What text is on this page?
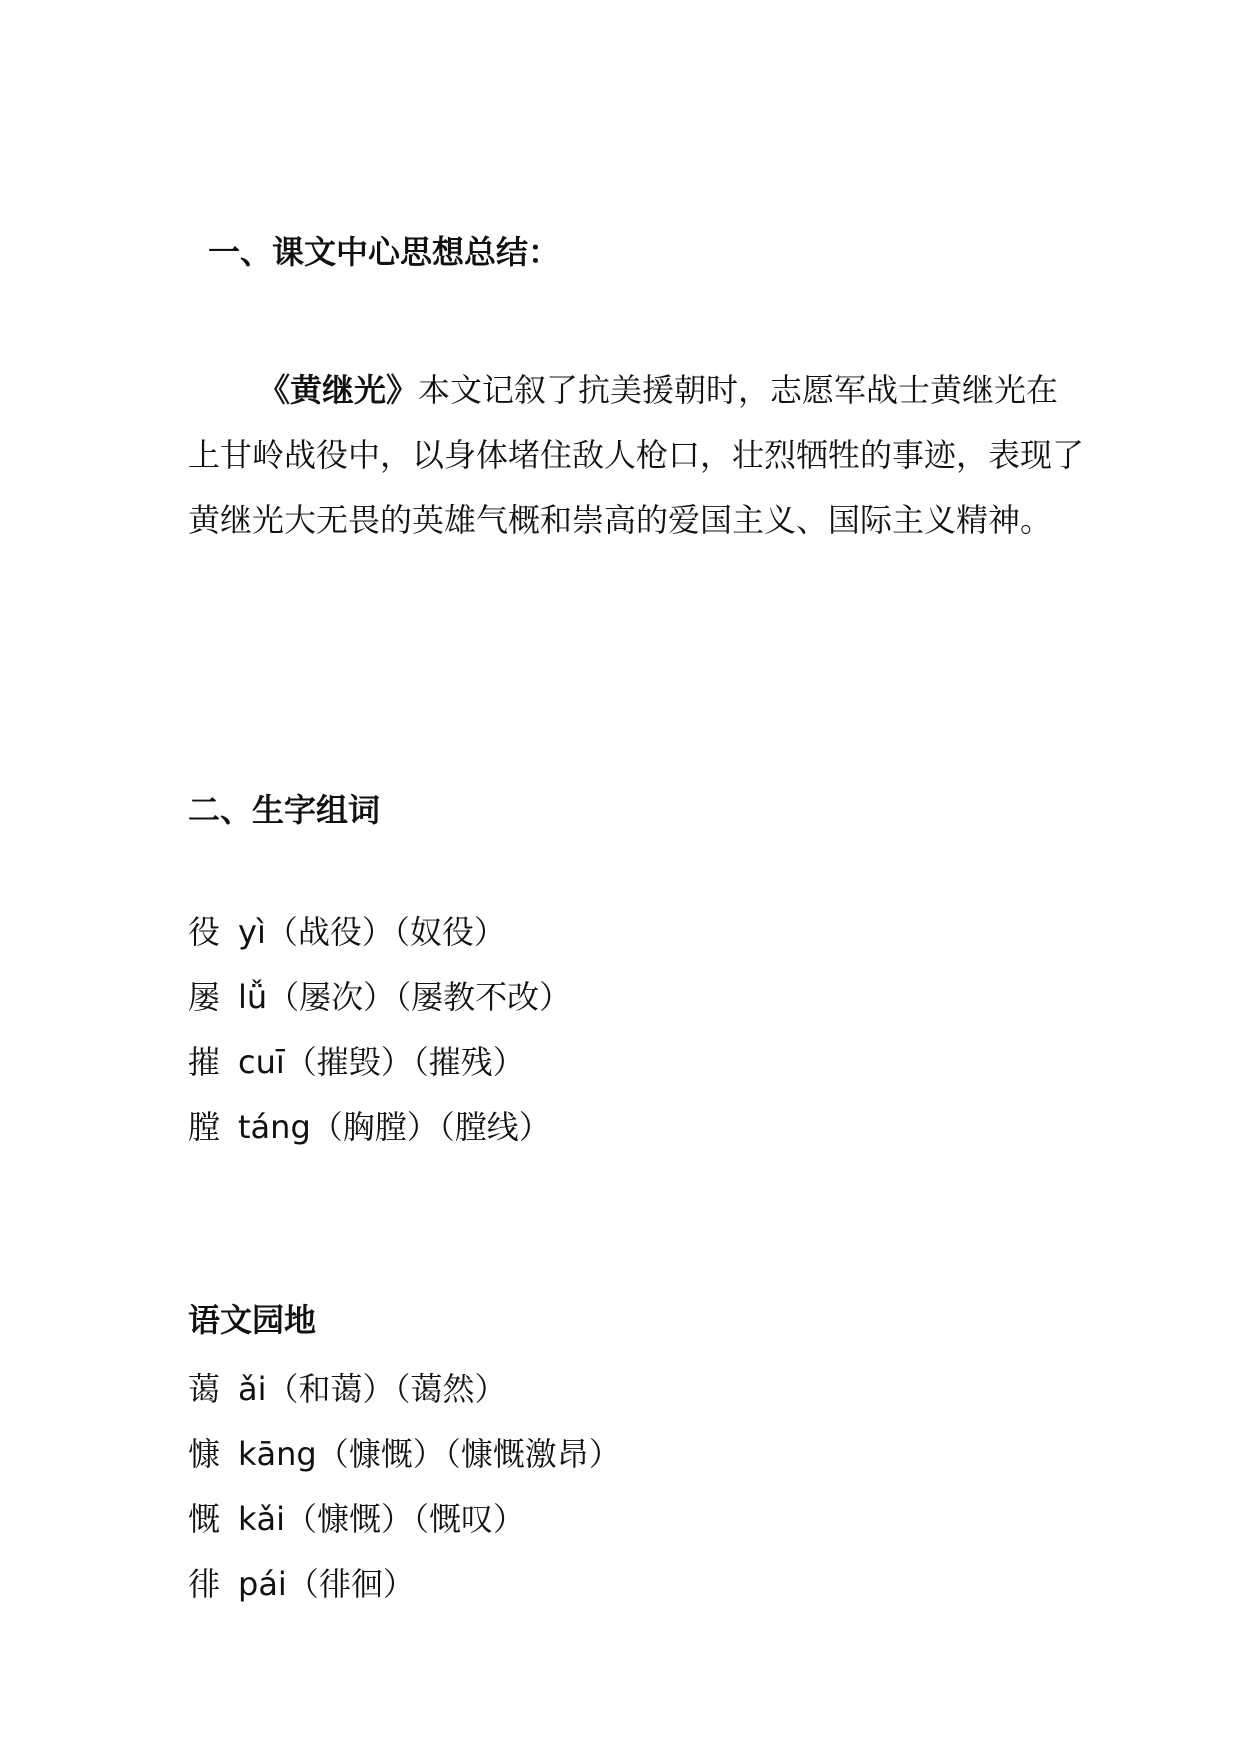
一、课文中心思想总结：

《黄继光》本文记叙了抗美援朝时，志愿军战士黄继光在上甘岭战役中，以身体堵住敌人枪口，壮烈牺牲的事迹，表现了黄继光大无畏的英雄气概和崇高的爱国主义、国际主义精神。

二、生字组词
役 yì（战役）（奴役）
屡 lǚ（屡次）（屡教不改）
摧 cuī（摧毁）（摧残）
膛 táng（胸膛）（膛线）
语文园地
蔼 ǎi（和蔼）（蔼然）
慷 kāng（慷慨）（慷慨激昂）
慨 kǎi（慷慨）（慨叹）
徘 pái（徘徊）
